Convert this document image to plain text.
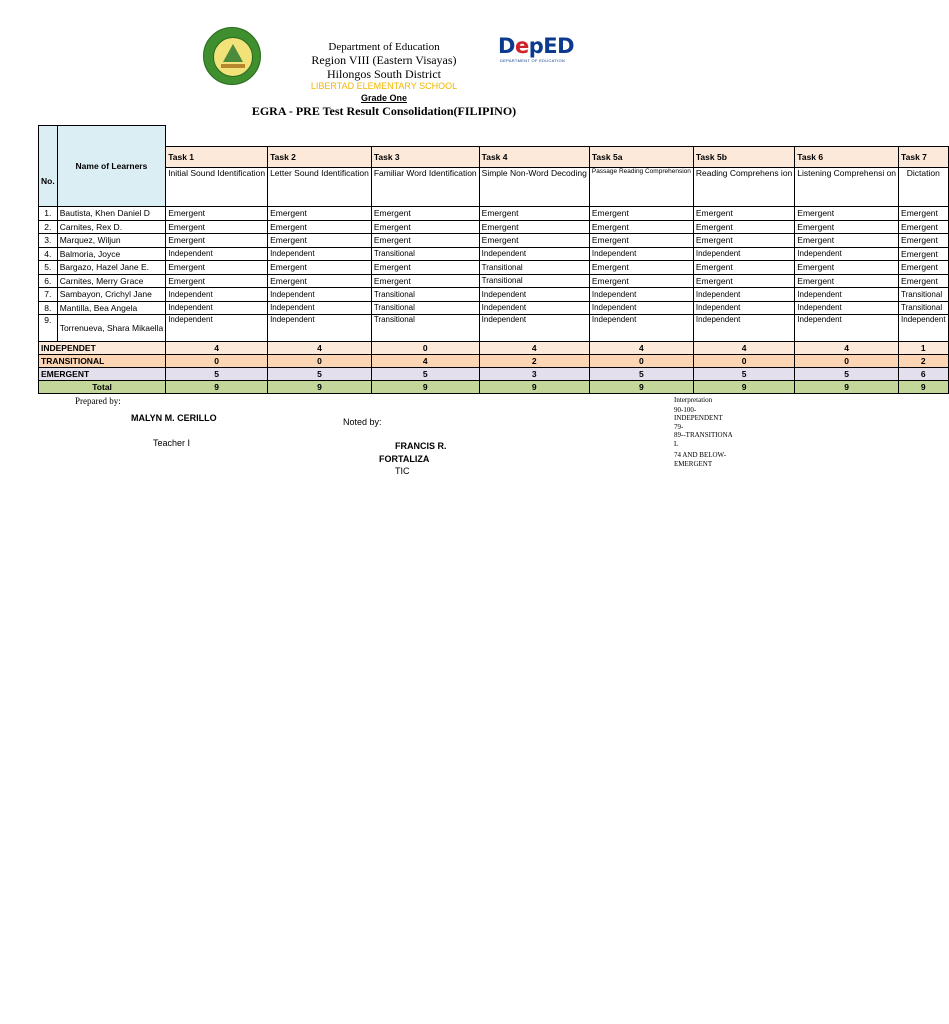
DepED
DEPARTMENT OF EDUCATION
Department of Education
Region VIII (Eastern Visayas)
Hilongos South District
LIBERTAD ELEMENTARY SCHOOL
Grade One
EGRA - PRE Test Result Consolidation(FILIPINO)
No.	Name of Learners								
		Task 1	Task 2	Task 3	Task 4	Task 5a	Task 5b	Task 6	Task 7
		Initial Sound Identification	Letter Sound Identification	Familiar Word Identification	Simple Non-Word Decoding	Passage Reading Comprehension	Reading Comprehens ion	Listening Comprehensi on	Dictation
1.	Bautista, Khen Daniel D	Emergent	Emergent	Emergent	Emergent	Emergent	Emergent	Emergent	Emergent
2.	Carnites, Rex D.	Emergent	Emergent	Emergent	Emergent	Emergent	Emergent	Emergent	Emergent
3.	Marquez, Wiljun	Emergent	Emergent	Emergent	Emergent	Emergent	Emergent	Emergent	Emergent
4.	Balmoria, Joyce	Independent	Independent	Transitional	Independent	Independent	Independent	Independent	Emergent
5.	Bargazo, Hazel Jane E.	Emergent	Emergent	Emergent	Transitional	Emergent	Emergent	Emergent	Emergent
6.	Carnites, Merry Grace	Emergent	Emergent	Emergent	Transitional	Emergent	Emergent	Emergent	Emergent
7.	Sambayon, Crichyl Jane	Independent	Independent	Transitional	Independent	Independent	Independent	Independent	Transitional
8.	Mantilla, Bea Angela	Independent	Independent	Transitional	Independent	Independent	Independent	Independent	Transitional
9.	Torrenueva, Shara Mikaella	Independent	Independent	Transitional	Independent	Independent	Independent	Independent	Independent
INDEPENDET		4	4	0	4	4	4	4	1
TRANSITIONAL		0	0	4	2	0	0	0	2
EMERGENT		5	5	5	3	5	5	5	6
Total		9	9	9	9	9	9	9	9
Prepared by:
MALYN M. CERILLO
Teacher I
Noted by:
FRANCIS R.
FORTALIZA
TIC
Interpretation
90-100-
INDEPENDENT
79-
89--TRANSITIONA
L
74 AND BELOW-
EMERGENT
